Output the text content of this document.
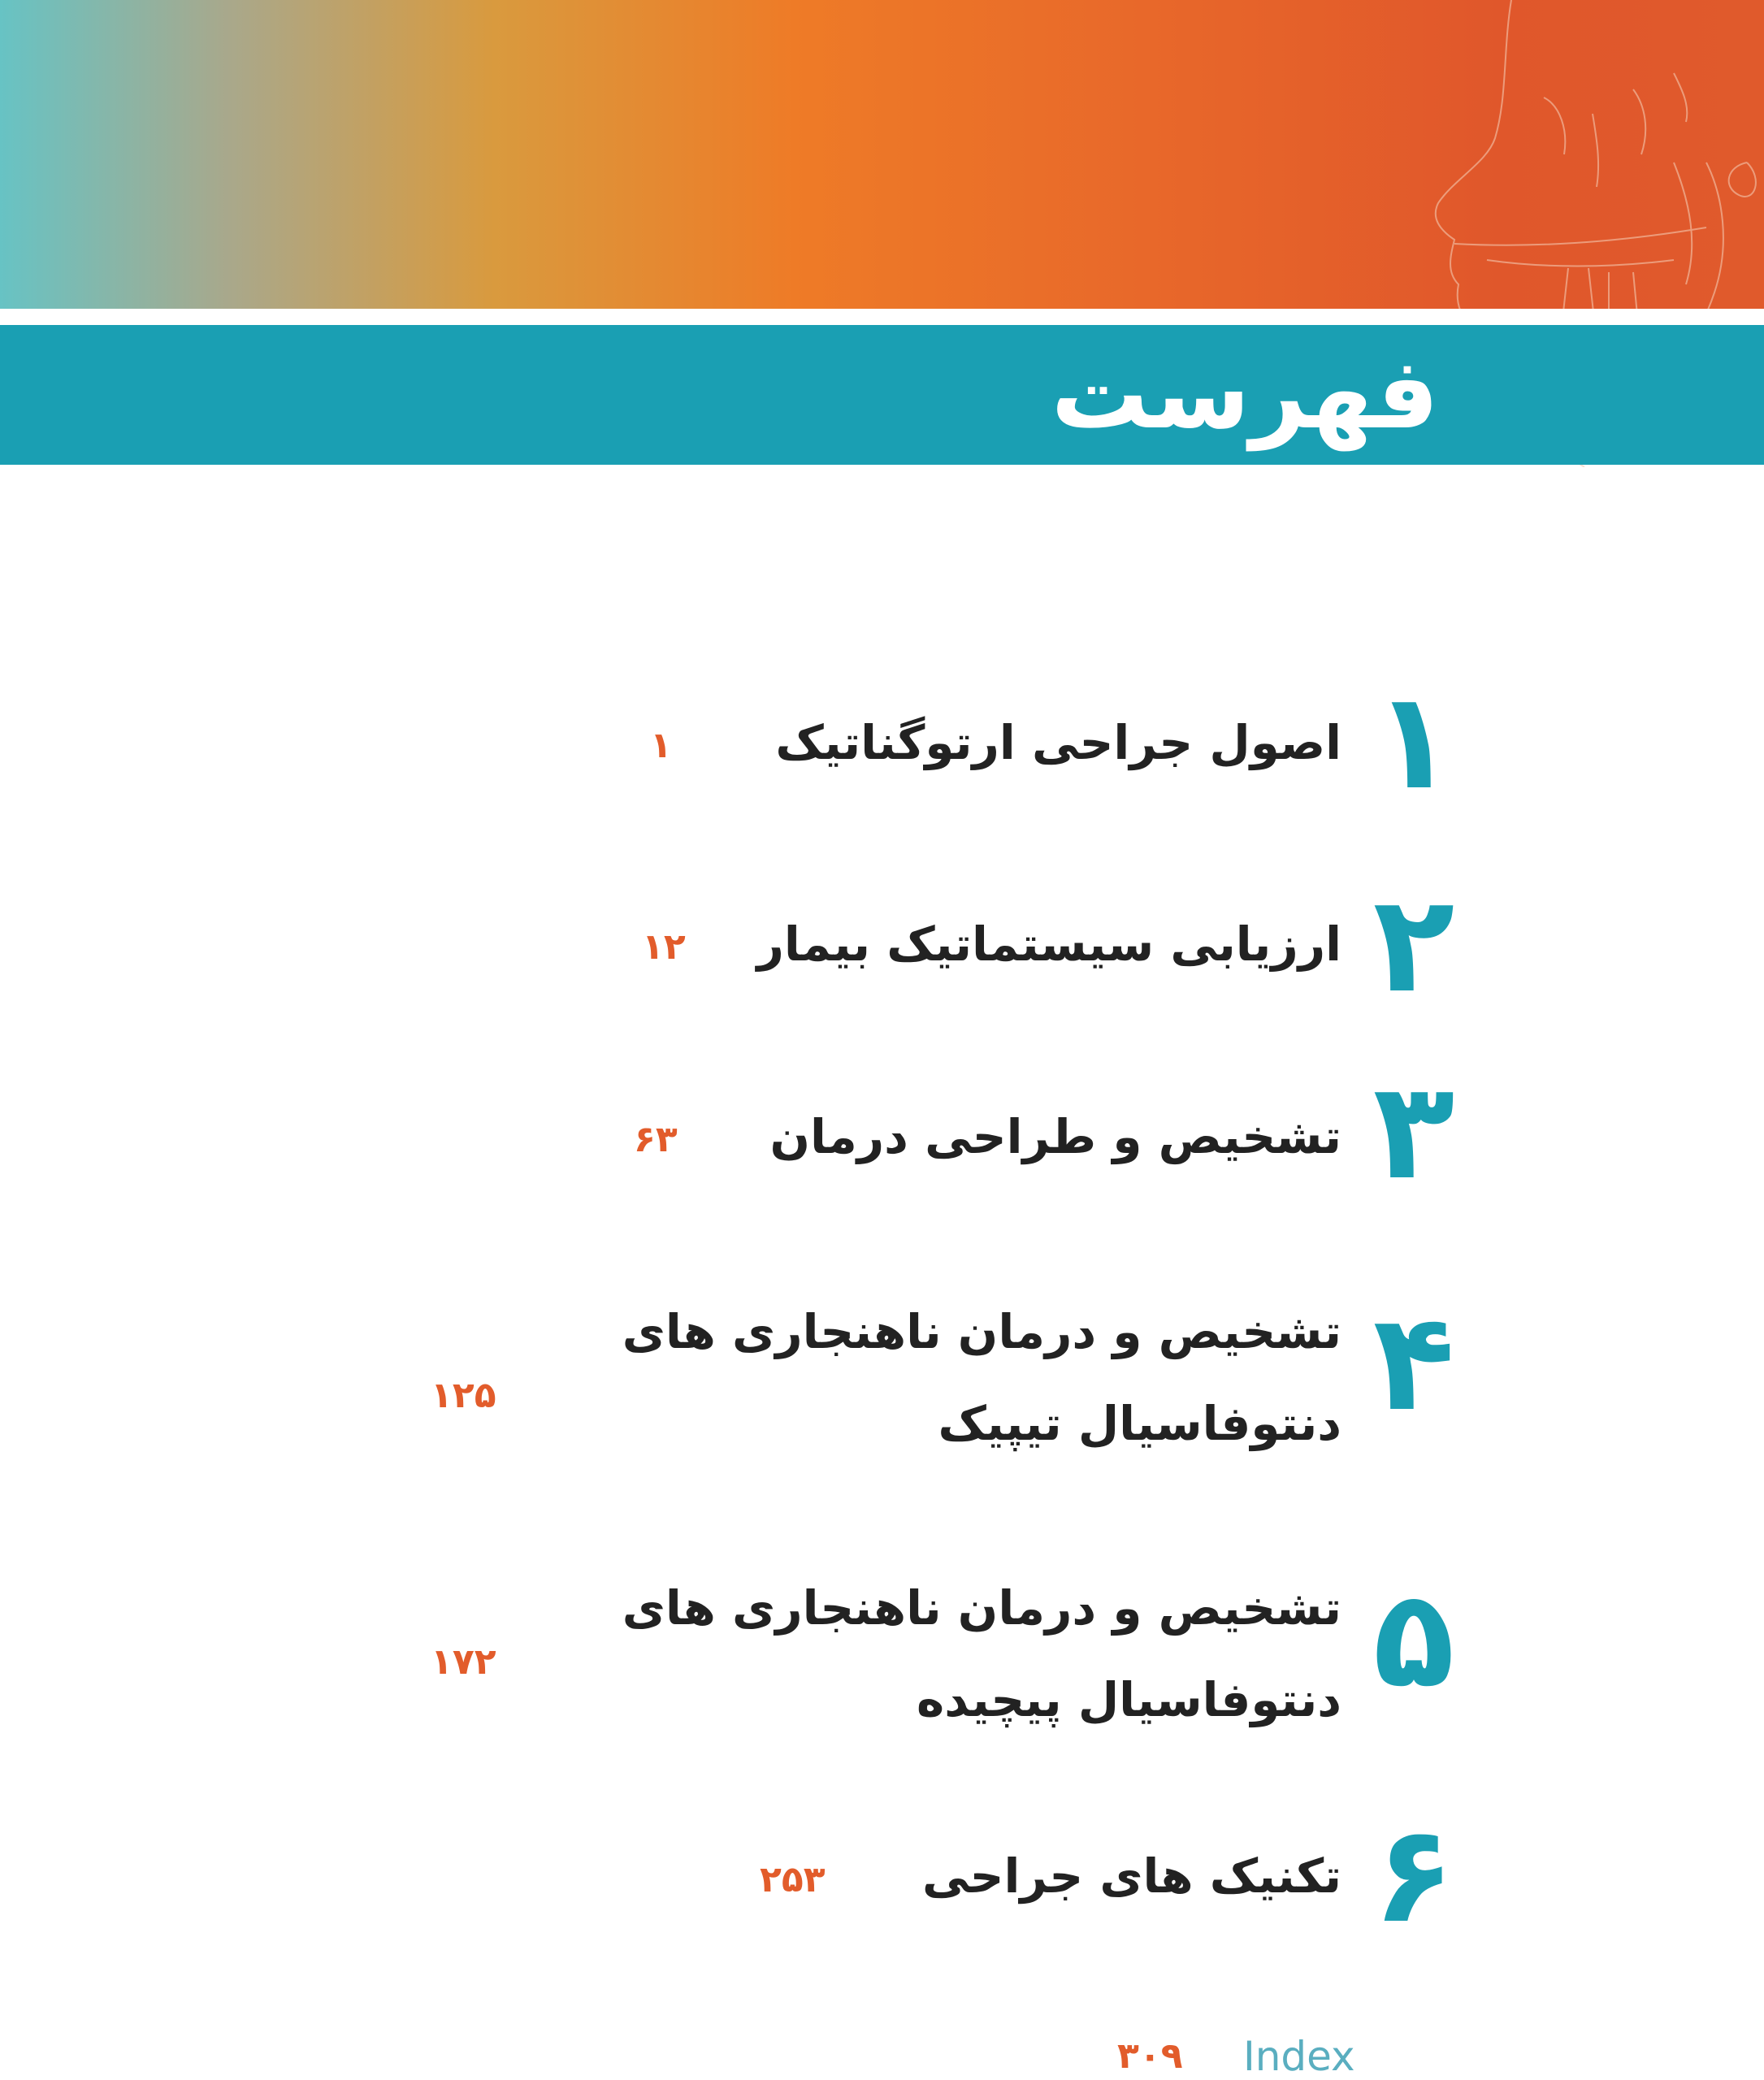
فهرست
۱
اصول جراحی ارتوگناتیک
۱
۲
ارزیابی سیستماتیک بیمار
۱۲
۳
تشخیص و طراحی درمان
۶۳
۴
تشخیص و درمان ناهنجاری های
دنتوفاسیال تیپیک
۱۲۵
۵
تشخیص و درمان ناهنجاری های
دنتوفاسیال پیچیده
۱۷۲
۶
تکنیک های جراحی
۲۵۳
Index
۳۰۹
